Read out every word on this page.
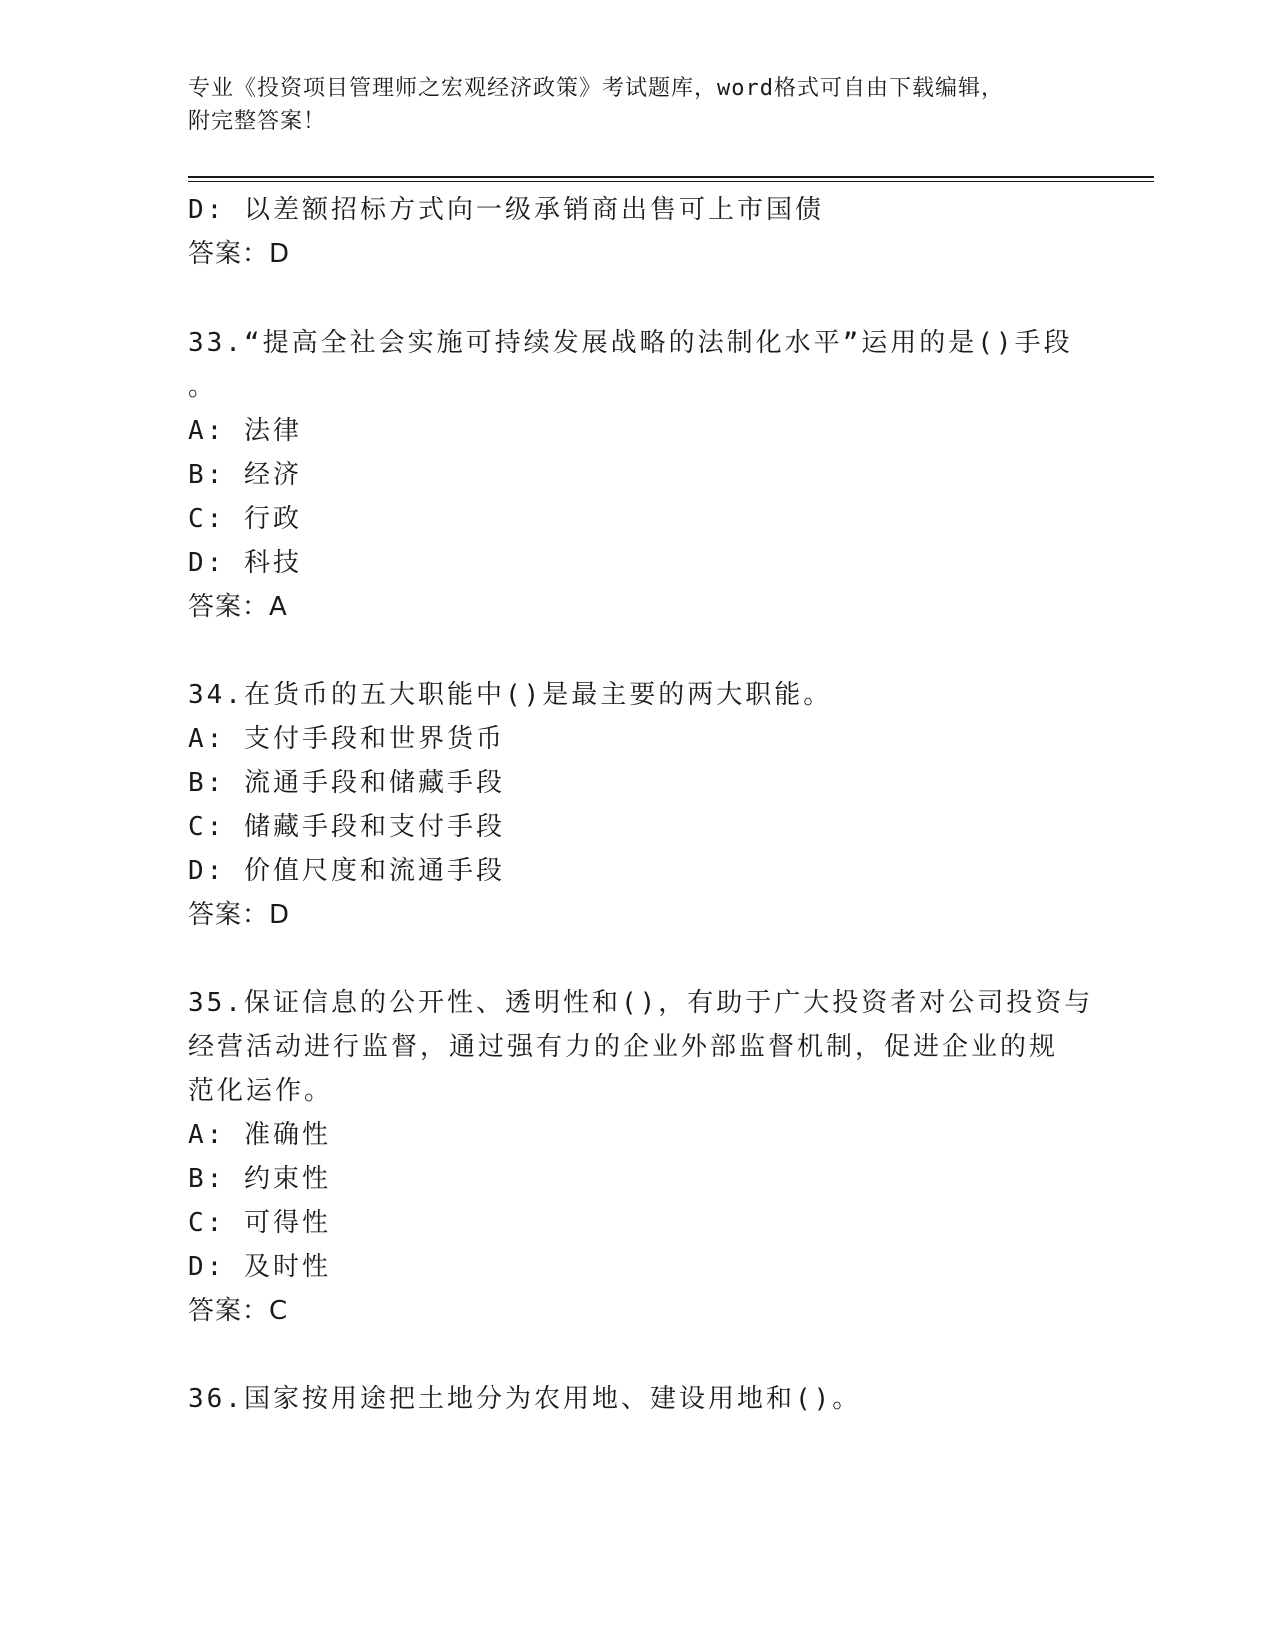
专业《投资项目管理师之宏观经济政策》考试题库，word格式可自由下载编辑，
附完整答案！
D: 以差额招标方式向一级承销商出售可上市国债
答案：D
33.“提高全社会实施可持续发展战略的法制化水平”运用的是()手段
。
A: 法律
B: 经济
C: 行政
D: 科技
答案：A
34.在货币的五大职能中()是最主要的两大职能。
A: 支付手段和世界货币
B: 流通手段和储藏手段
C: 储藏手段和支付手段
D: 价值尺度和流通手段
答案：D
35.保证信息的公开性、透明性和()，有助于广大投资者对公司投资与
经营活动进行监督，通过强有力的企业外部监督机制，促进企业的规
范化运作。
A: 准确性
B: 约束性
C: 可得性
D: 及时性
答案：C
36.国家按用途把土地分为农用地、建设用地和()。
